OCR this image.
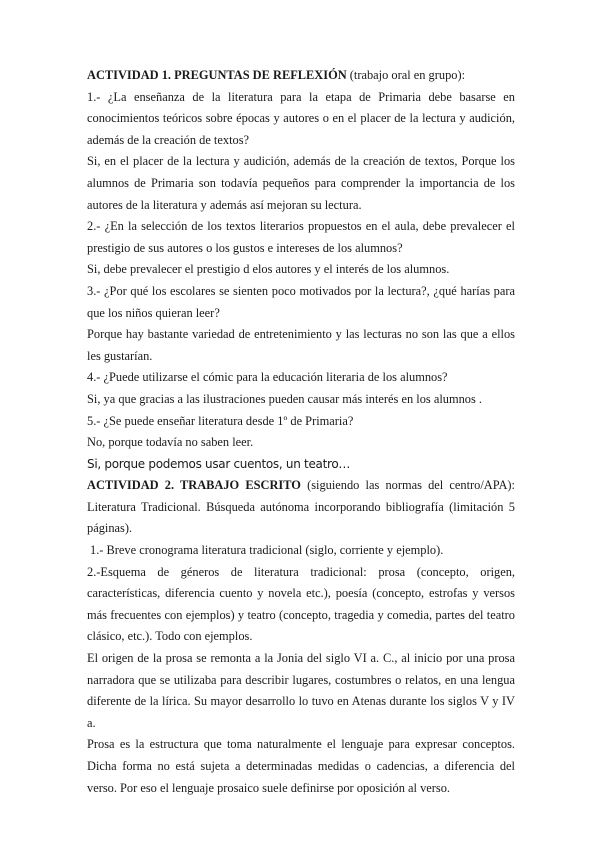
ACTIVIDAD 1. PREGUNTAS DE REFLEXIÓN (trabajo oral en grupo):

1.- ¿La enseñanza de la literatura para la etapa de Primaria debe basarse en conocimientos teóricos sobre épocas y autores o en el placer de la lectura y audición, además de la creación de textos?

Si, en el placer de la lectura y audición, además de la creación de textos, Porque los alumnos de Primaria son todavía pequeños para comprender la importancia de los autores de la literatura y además así mejoran su lectura.

2.- ¿En la selección de los textos literarios propuestos en el aula, debe prevalecer el prestigio de sus autores o los gustos e intereses de los alumnos?

Si, debe prevalecer el prestigio d elos autores y el interés de los alumnos.

3.- ¿Por qué los escolares se sienten poco motivados por la lectura?, ¿qué harías para que los niños quieran leer?

Porque hay bastante variedad de entretenimiento y las lecturas no son las que a ellos les gustarían.

4.- ¿Puede utilizarse el cómic para la educación literaria de los alumnos?

Si, ya que gracias a las ilustraciones pueden causar más interés en los alumnos .

5.- ¿Se puede enseñar literatura desde 1º de Primaria?

No, porque todavía no saben leer.

Si, porque podemos usar cuentos, un teatro…

ACTIVIDAD 2. TRABAJO ESCRITO (siguiendo las normas del centro/APA): Literatura Tradicional. Búsqueda autónoma incorporando bibliografía (limitación 5 páginas).

1.- Breve cronograma literatura tradicional (siglo, corriente y ejemplo).

2.-Esquema de géneros de literatura tradicional: prosa (concepto, origen, características, diferencia cuento y novela etc.), poesía (concepto, estrofas y versos más frecuentes con ejemplos) y teatro (concepto, tragedia y comedia, partes del teatro clásico, etc.). Todo con ejemplos.

El origen de la prosa se remonta a la Jonia del siglo VI a. C., al inicio por una prosa narradora que se utilizaba para describir lugares, costumbres o relatos, en una lengua diferente de la lírica. Su mayor desarrollo lo tuvo en Atenas durante los siglos V y IV a.

Prosa es la estructura que toma naturalmente el lenguaje para expresar conceptos. Dicha forma no está sujeta a determinadas medidas o cadencias, a diferencia del verso. Por eso el lenguaje prosaico suele definirse por oposición al verso.
